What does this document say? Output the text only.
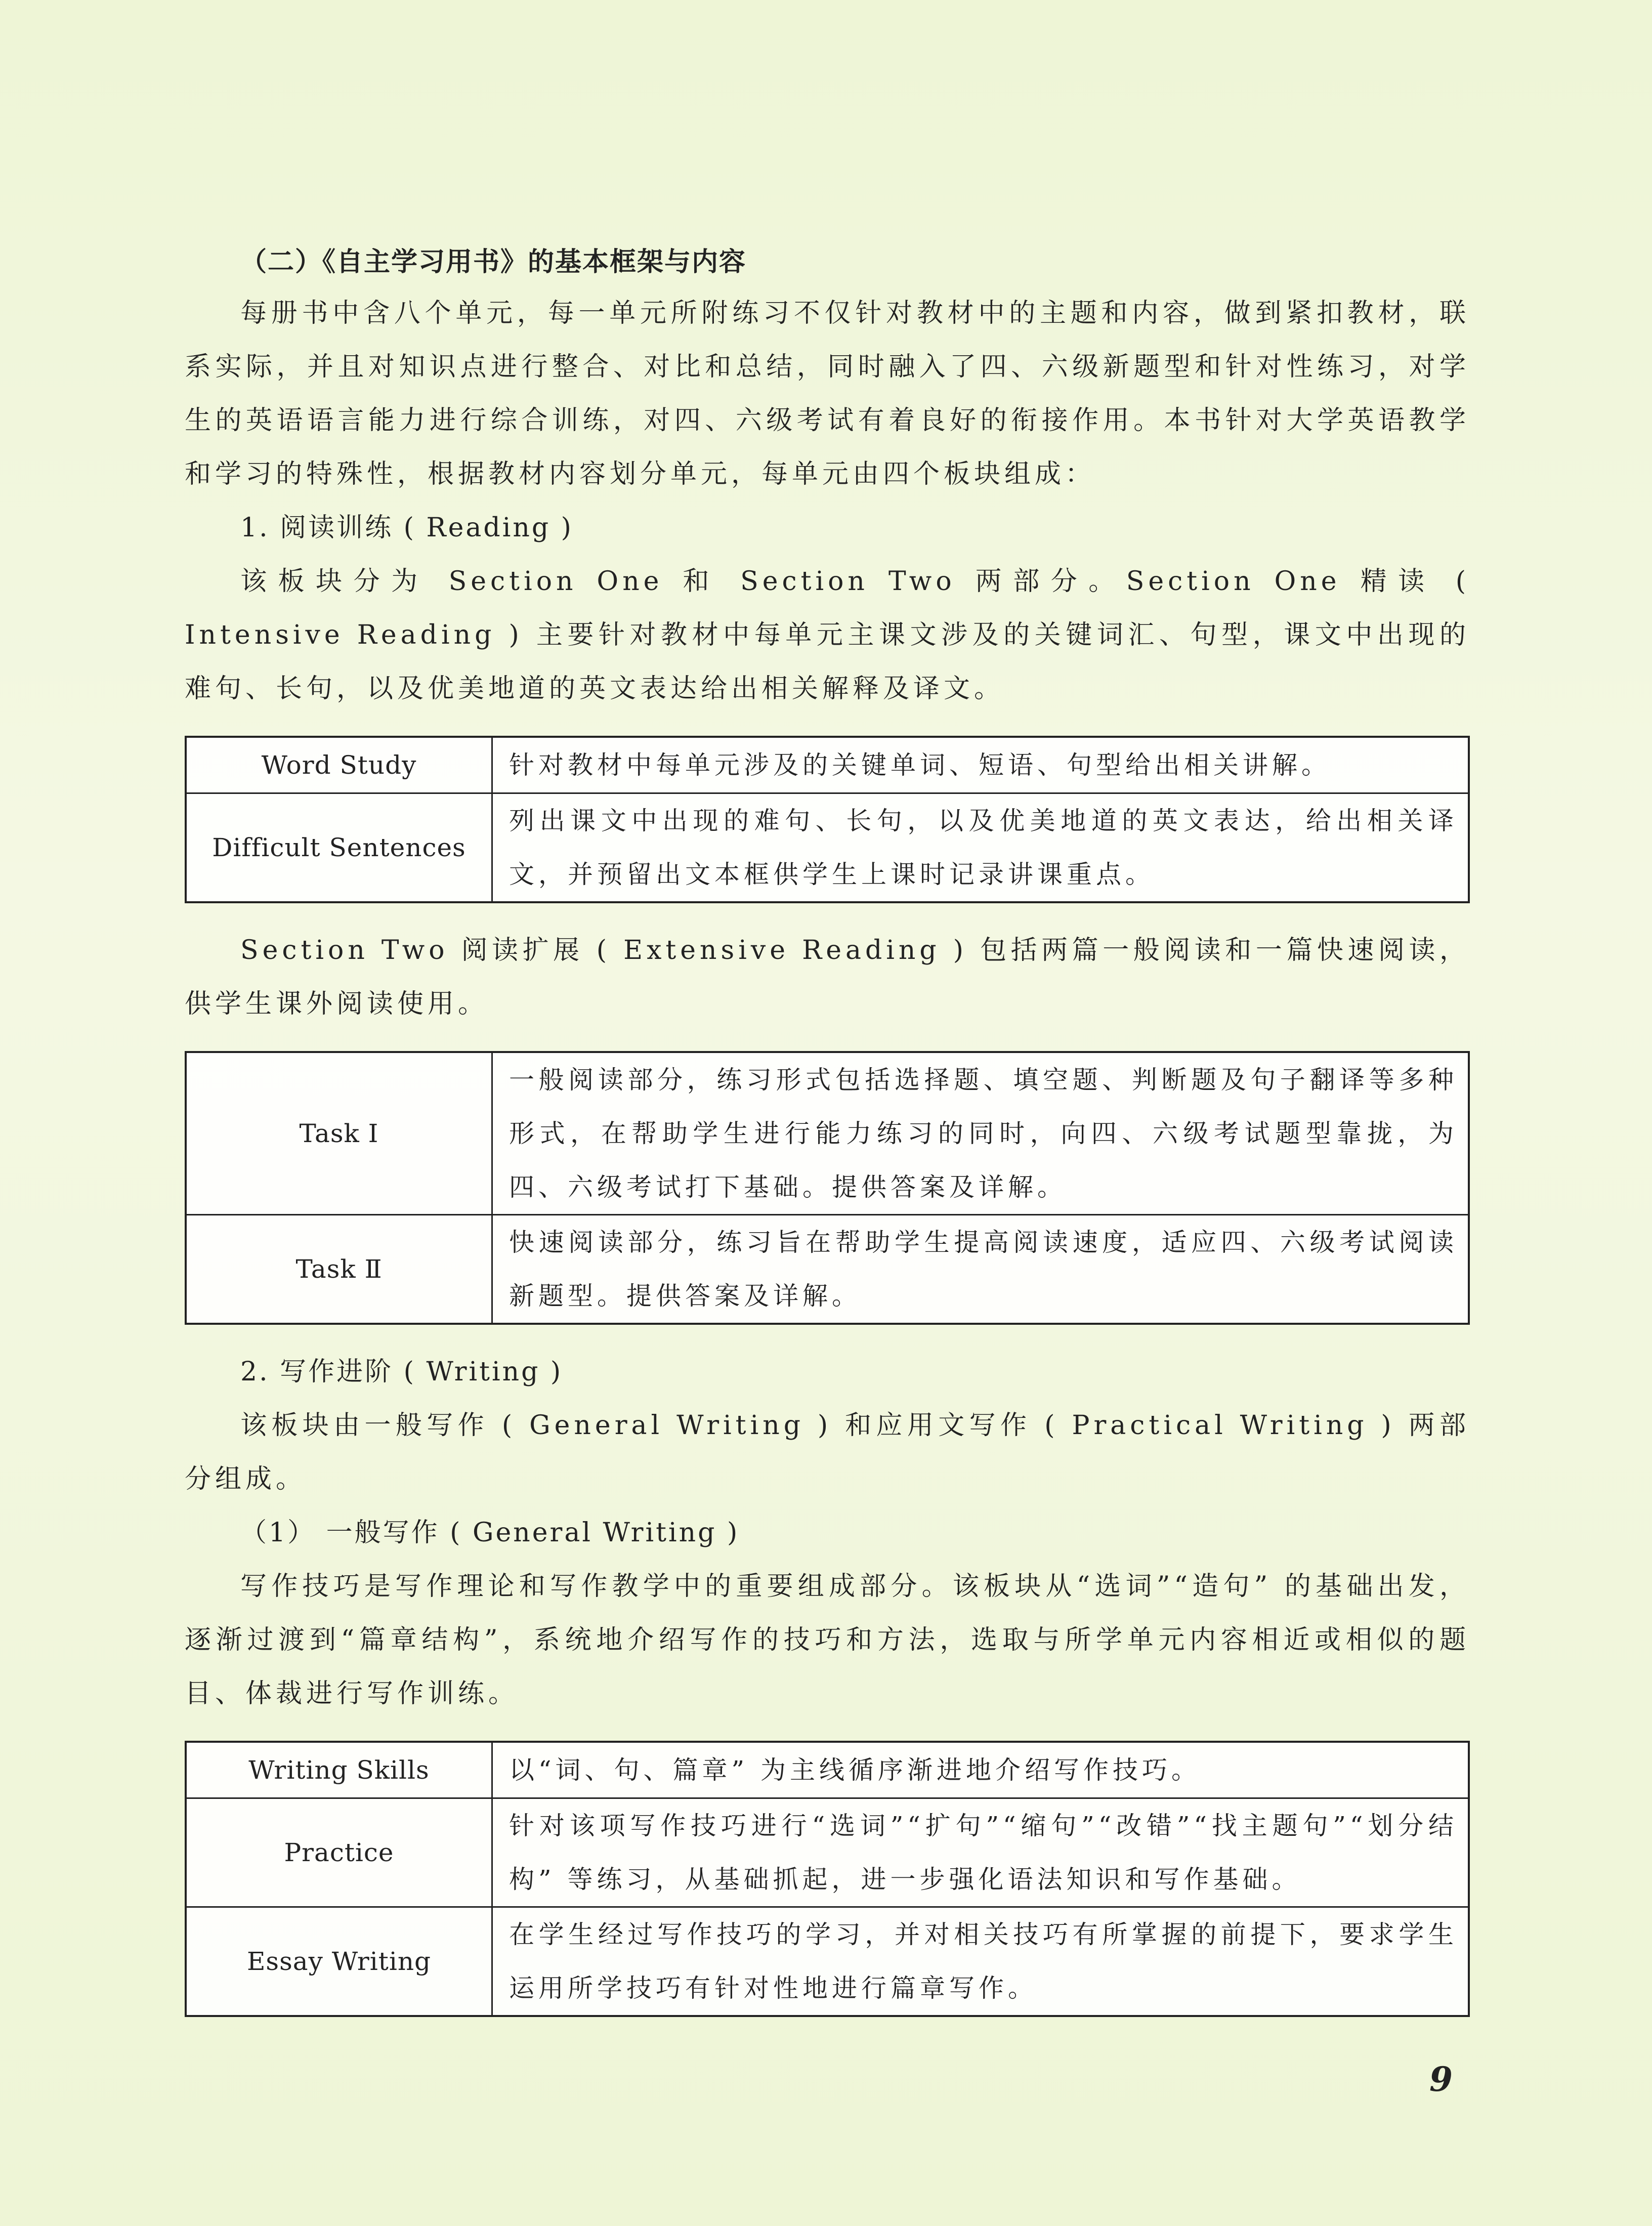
（二）《自主学习用书》的基本框架与内容

每册书中含八个单元，每一单元所附练习不仅针对教材中的主题和内容，做到紧扣教材，联系实际，并且对知识点进行整合、对比和总结，同时融入了四、六级新题型和针对性练习，对学生的英语语言能力进行综合训练，对四、六级考试有着良好的衔接作用。本书针对大学英语教学和学习的特殊性，根据教材内容划分单元，每单元由四个板块组成：

1. 阅读训练 ( Reading )

该板块分为 Section One 和 Section Two 两部分。Section One 精读 ( Intensive Reading ) 主要针对教材中每单元主课文涉及的关键词汇、句型，课文中出现的难句、长句，以及优美地道的英文表达给出相关解释及译文。

Word Study	针对教材中每单元涉及的关键单词、短语、句型给出相关讲解。
Difficult Sentences	列出课文中出现的难句、长句，以及优美地道的英文表达，给出相关译文，并预留出文本框供学生上课时记录讲课重点。

Section Two 阅读扩展 ( Extensive Reading ) 包括两篇一般阅读和一篇快速阅读，供学生课外阅读使用。

Task Ⅰ	一般阅读部分，练习形式包括选择题、填空题、判断题及句子翻译等多种形式，在帮助学生进行能力练习的同时，向四、六级考试题型靠拢，为四、六级考试打下基础。提供答案及详解。
Task Ⅱ	快速阅读部分，练习旨在帮助学生提高阅读速度，适应四、六级考试阅读新题型。提供答案及详解。

2. 写作进阶 ( Writing )

该板块由一般写作 ( General Writing ) 和应用文写作 ( Practical Writing ) 两部分组成。

（1） 一般写作 ( General Writing )

写作技巧是写作理论和写作教学中的重要组成部分。该板块从“选词”“造句” 的基础出发，逐渐过渡到“篇章结构”，系统地介绍写作的技巧和方法，选取与所学单元内容相近或相似的题目、体裁进行写作训练。

Writing Skills	以“词、句、篇章” 为主线循序渐进地介绍写作技巧。
Practice	针对该项写作技巧进行“选词”“扩句”“缩句”“改错”“找主题句”“划分结构” 等练习，从基础抓起，进一步强化语法知识和写作基础。
Essay Writing	在学生经过写作技巧的学习，并对相关技巧有所掌握的前提下，要求学生运用所学技巧有针对性地进行篇章写作。
9
